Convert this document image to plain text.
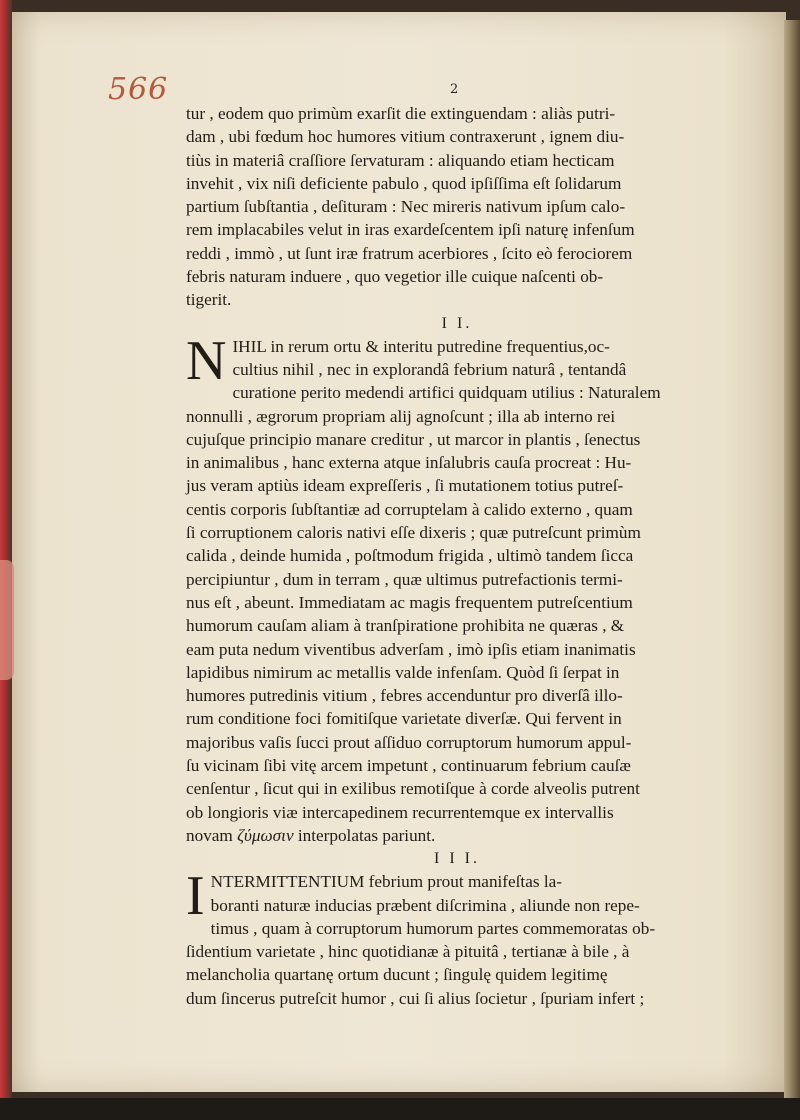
566	2
tur , eodem quo primùm exarſit die extinguendam : aliàs putri-
dam , ubi fœdum hoc humores vitium contraxerunt , ignem diu-
tiùs in materiâ craſſiore ſervaturam : aliquando etiam hecticam
invehit , vix niſi deficiente pabulo , quod ipſiſſima eſt ſolidarum
partium ſubſtantia , deſituram : Nec mireris nativum ipſum calo-
rem implacabiles velut in iras exardeſcentem ipſi naturę infenſum
reddi , immò , ut ſunt iræ fratrum acerbiores , ſcito eò ferociorem
febris naturam induere , quo vegetior ille cuique naſcenti ob-
tigerit.
I I.
N IHIL in rerum ortu & interitu putredine frequentius,oc-
cultius nihil , nec in explorandâ febrium naturâ , tentandâ
curatione perito medendi artifici quidquam utilius : Naturalem
nonnulli , ægrorum propriam alij agnoſcunt ; illa ab interno rei
cujuſque principio manare creditur , ut marcor in plantis , ſenectus
in animalibus , hanc externa atque inſalubris cauſa procreat : Hu-
jus veram aptiùs ideam expreſſeris , ſi mutationem totius putreſ-
centis corporis ſubſtantiæ ad corruptelam à calido externo , quam
ſi corruptionem caloris nativi eſſe dixeris ; quæ putreſcunt primùm
calida , deinde humida , poſtmodum frigida , ultimò tandem ſicca
percipiuntur , dum in terram , quæ ultimus putrefactionis termi-
nus eſt , abeunt. Immediatam ac magis frequentem putreſcentium
humorum cauſam aliam à tranſpiratione prohibita ne quæras , &
eam puta nedum viventibus adverſam , imò ipſis etiam inanimatis
lapidibus nimirum ac metallis valde infenſam. Quòd ſi ſerpat in
humores putredinis vitium , febres accenduntur pro diverſâ illo-
rum conditione foci fomitiſque varietate diverſæ. Qui fervent in
majoribus vaſis ſucci prout aſſiduo corruptorum humorum appul-
ſu vicinam ſibi vitę arcem impetunt , continuarum febrium cauſæ
cenſentur , ſicut qui in exilibus remotiſque à corde alveolis putrent
ob longioris viæ intercapedinem recurrentemque ex intervallis
novam ζύμωσιν interpolatas pariunt.
I I I.
I NTERMITTENTIUM febrium prout manifeſtas la-
boranti naturæ inducias præbent diſcrimina , aliunde non repe-
timus , quam à corruptorum humorum partes commemoratas ob-
ſidentium varietate , hinc quotidianæ à pituitâ , tertianæ à bile , à
melancholia quartanę ortum ducunt ; ſingulę quidem legitimę
dum ſincerus putreſcit humor , cui ſi alius ſocietur , ſpuriam infert ;
